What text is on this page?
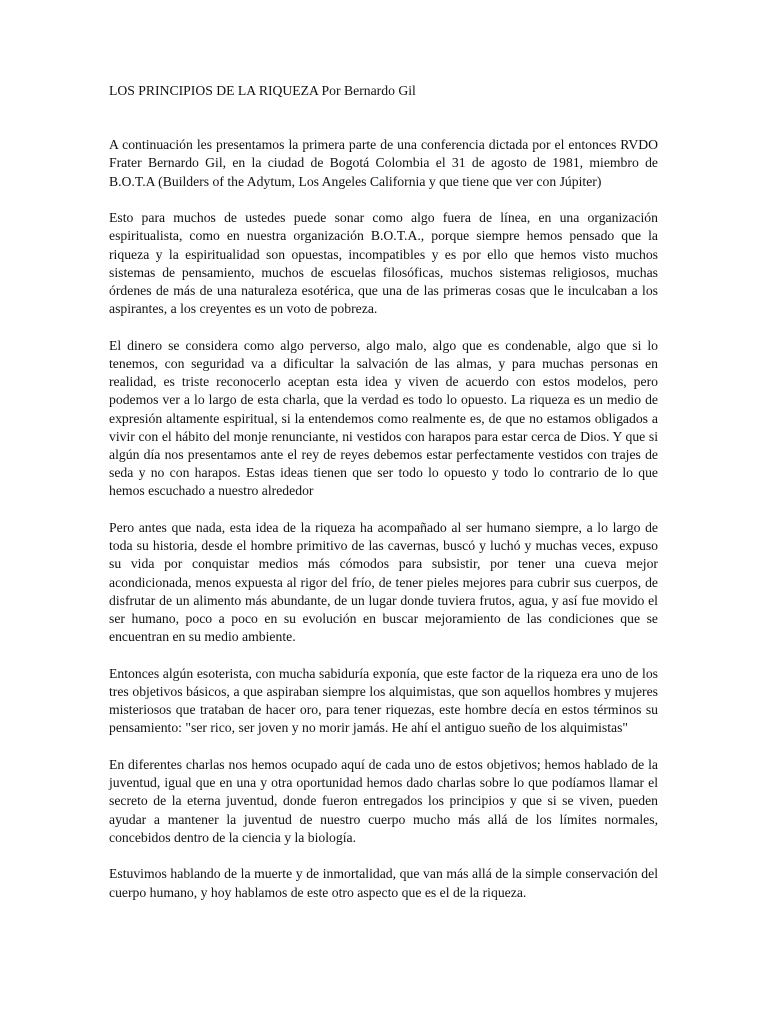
LOS PRINCIPIOS DE LA RIQUEZA Por Bernardo Gil

A continuación les presentamos la primera parte de una conferencia dictada por el entonces RVDO Frater Bernardo Gil, en la ciudad de Bogotá Colombia el 31 de agosto de 1981, miembro de B.O.T.A (Builders of the Adytum, Los Angeles California y que tiene que ver con Júpiter)

Esto para muchos de ustedes puede sonar como algo fuera de línea, en una organización espiritualista, como en nuestra organización B.O.T.A., porque siempre hemos pensado que la riqueza y la espiritualidad son opuestas, incompatibles y es por ello que hemos visto muchos sistemas de pensamiento, muchos de escuelas filosóficas, muchos sistemas religiosos, muchas órdenes de más de una naturaleza esotérica, que una de las primeras cosas que le inculcaban a los aspirantes, a los creyentes es un voto de pobreza.

El dinero se considera como algo perverso, algo malo, algo que es condenable, algo que si lo tenemos, con seguridad va a dificultar la salvación de las almas, y para muchas personas en realidad, es triste reconocerlo aceptan esta idea y viven de acuerdo con estos modelos, pero podemos ver a lo largo de esta charla, que la verdad es todo lo opuesto. La riqueza es un medio de expresión altamente espiritual, si la entendemos como realmente es, de que no estamos obligados a vivir con el hábito del monje renunciante, ni vestidos con harapos para estar cerca de Dios. Y que si algún día nos presentamos ante el rey de reyes debemos estar perfectamente vestidos con trajes de seda y no con harapos. Estas ideas tienen que ser todo lo opuesto y todo lo contrario de lo que hemos escuchado a nuestro alrededor

Pero antes que nada, esta idea de la riqueza ha acompañado al ser humano siempre, a lo largo de toda su historia, desde el hombre primitivo de las cavernas, buscó y luchó y muchas veces, expuso su vida por conquistar medios más cómodos para subsistir, por tener una cueva mejor acondicionada, menos expuesta al rigor del frío, de tener pieles mejores para cubrir sus cuerpos, de disfrutar de un alimento más abundante, de un lugar donde tuviera frutos, agua, y así fue movido el ser humano, poco a poco en su evolución en buscar mejoramiento de las condiciones que se encuentran en su medio ambiente.

Entonces algún esoterista, con mucha sabiduría exponía, que este factor de la riqueza era uno de los tres objetivos básicos, a que aspiraban siempre los alquimistas, que son aquellos hombres y mujeres misteriosos que trataban de hacer oro, para tener riquezas, este hombre decía en estos términos su pensamiento: "ser rico, ser joven y no morir jamás. He ahí el antiguo sueño de los alquimistas"

En diferentes charlas nos hemos ocupado aquí de cada uno de estos objetivos; hemos hablado de la juventud, igual que en una y otra oportunidad hemos dado charlas sobre lo que podíamos llamar el secreto de la eterna juventud, donde fueron entregados los principios y que si se viven, pueden ayudar a mantener la juventud de nuestro cuerpo mucho más allá de los límites normales, concebidos dentro de la ciencia y la biología.

Estuvimos hablando de la muerte y de inmortalidad, que van más allá de la simple conservación del cuerpo humano, y hoy hablamos de este otro aspecto que es el de la riqueza.
